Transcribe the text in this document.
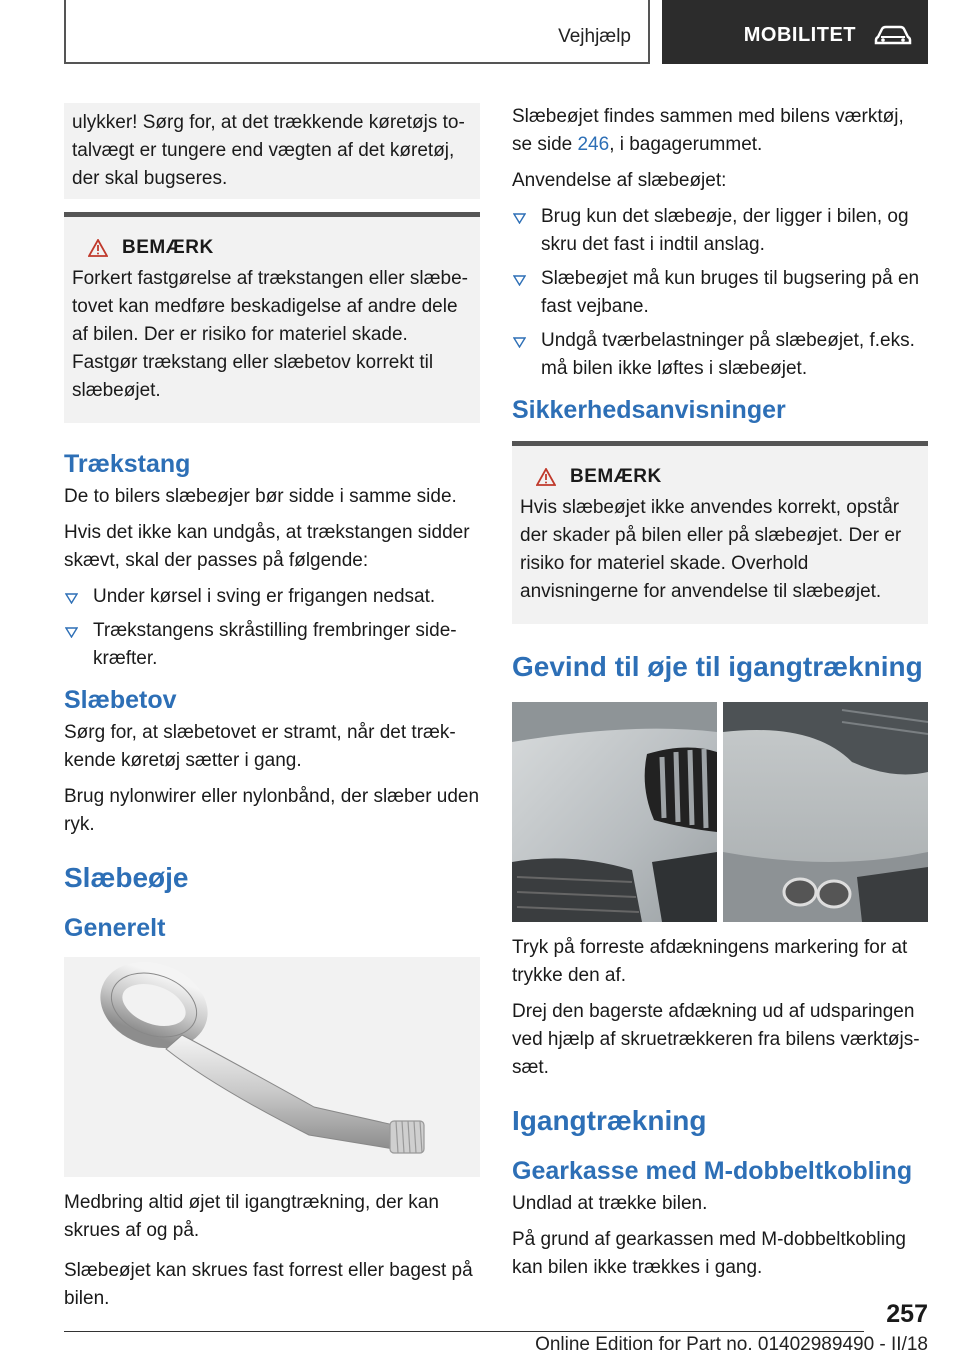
Vejhjælp	MOBILITET

ulykker! Sørg for, at det trækkende køretøjs totalvægt er tungere end vægten af det køretøj, der skal bugseres.

BEMÆRK

Forkert fastgørelse af trækstangen eller slæbetovet kan medføre beskadigelse af andre dele af bilen. Der er risiko for materiel skade. Fastgør trækstang eller slæbetov korrekt til slæbeøjet.

Trækstang

De to bilers slæbeøjer bør sidde i samme side.

Hvis det ikke kan undgås, at trækstangen sidder skævt, skal der passes på følgende:

Under kørsel i sving er frigangen nedsat.
Trækstangens skråstilling frembringer sidekræfter.
Slæbetov

Sørg for, at slæbetovet er stramt, når det trækkende køretøj sætter i gang.

Brug nylonwirer eller nylonbånd, der slæber uden ryk.

Slæbeøje
Generelt

Medbring altid øjet til igangtrækning, der kan skrues af og på.

Slæbeøjet kan skrues fast forrest eller bagest på bilen.

Slæbeøjet findes sammen med bilens værktøj, se side 246, i bagagerummet.

Anvendelse af slæbeøjet:

Brug kun det slæbeøje, der ligger i bilen, og skru det fast i indtil anslag.
Slæbeøjet må kun bruges til bugsering på en fast vejbane.
Undgå tværbelastninger på slæbeøjet, f.eks. må bilen ikke løftes i slæbeøjet.
Sikkerhedsanvisninger
BEMÆRK

Hvis slæbeøjet ikke anvendes korrekt, opstår der skader på bilen eller på slæbeøjet. Der er risiko for materiel skade. Overhold anvisningerne for anvendelse til slæbeøjet.

Gevind til øje til igangtrækning

Tryk på forreste afdækningens markering for at trykke den af.

Drej den bagerste afdækning ud af udsparingen ved hjælp af skruetrækkeren fra bilens værktøjssæt.

Igangtrækning
Gearkasse med M-dobbeltkobling

Undlad at trække bilen.

På grund af gearkassen med M-dobbeltkobling kan bilen ikke trækkes i gang.

257
Online Edition for Part no. 01402989490 - II/18
